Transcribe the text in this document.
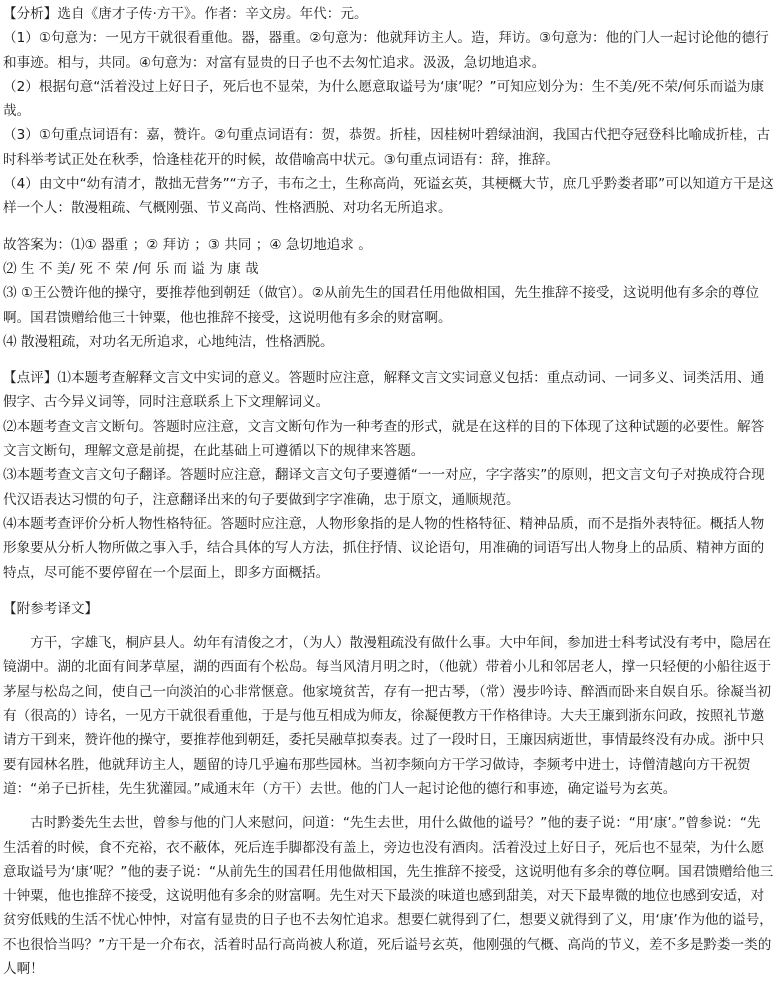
【分析】选自《唐才子传·方干》。作者：辛文房。年代：元。

（1）①句意为：一见方干就很看重他。器，器重。②句意为：他就拜访主人。造，拜访。③句意为：他的门人一起讨论他的德行和事迹。相与，共同。④句意为：对富有显贵的日子也不去匆忙追求。汲汲，急切地追求。

（2）根据句意“活着没过上好日子，死后也不显荣，为什么愿意取谥号为‘康’呢？”可知应划分为：生不美/死不荣/何乐而谥为康哉。

（3）①句重点词语有：嘉，赞许。②句重点词语有：贺，恭贺。折桂，因桂树叶碧绿油润，我国古代把夺冠登科比喻成折桂，古时科举考试正处在秋季，恰逢桂花开的时候，故借喻高中状元。③句重点词语有：辞，推辞。

（4）由文中“幼有清才，散拙无营务”“方子，韦布之士，生称高尚，死谥玄英，其梗概大节，庶几乎黔娄者耶”可以知道方干是这样一个人：散漫粗疏、气概刚强、节义高尚、性格洒脱、对功名无所追求。

故答案为：⑴① 器重 ；② 拜访 ；③ 共同 ；④ 急切地追求 。

⑵ 生 不 美/ 死 不 荣 /何 乐 而 谥 为 康 哉

⑶ ①王公赞许他的操守，要推荐他到朝廷（做官）。②从前先生的国君任用他做相国，先生推辞不接受，这说明他有多余的尊位啊。国君馈赠给他三十钟粟，他也推辞不接受，这说明他有多余的财富啊。

⑷ 散漫粗疏，对功名无所追求，心地纯洁，性格洒脱。

【点评】⑴本题考查解释文言文中实词的意义。答题时应注意，解释文言文实词意义包括：重点动词、一词多义、词类活用、通假字、古今异义词等，同时注意联系上下文理解词义。

⑵本题考查文言文断句。答题时应注意，文言文断句作为一种考查的形式，就是在这样的目的下体现了这种试题的必要性。解答文言文断句，理解文意是前提，在此基础上可遵循以下的规律来答题。

⑶本题考查文言文句子翻译。答题时应注意，翻译文言文句子要遵循“一一对应，字字落实”的原则，把文言文句子对换成符合现代汉语表达习惯的句子，注意翻译出来的句子要做到字字准确，忠于原文，通顺规范。

⑷本题考查评价分析人物性格特征。答题时应注意，人物形象指的是人物的性格特征、精神品质，而不是指外表特征。概括人物形象要从分析人物所做之事入手，结合具体的写人方法，抓住抒情、议论语句，用准确的词语写出人物身上的品质、精神方面的特点，尽可能不要停留在一个层面上，即多方面概括。

【附参考译文】

方干，字雄飞，桐庐县人。幼年有清俊之才，（为人）散漫粗疏没有做什么事。大中年间，参加进士科考试没有考中，隐居在镜湖中。湖的北面有间茅草屋，湖的西面有个松岛。每当风清月明之时，（他就）带着小儿和邻居老人，撑一只轻便的小船往返于茅屋与松岛之间，使自己一向淡泊的心非常惬意。他家境贫苦，存有一把古琴，（常）漫步吟诗、醉酒而卧来自娱自乐。徐凝当初有（很高的）诗名，一见方干就很看重他，于是与他互相成为师友，徐凝便教方干作格律诗。大夫王廉到浙东问政，按照礼节邀请方干到来，赞许他的操守，要推荐他到朝廷，委托吴融草拟奏表。过了一段时日，王廉因病逝世，事情最终没有办成。浙中只要有园林名胜，他就拜访主人，题留的诗几乎遍布那些园林。当初李频向方干学习做诗，李频考中进士，诗僧清越向方干祝贺道：“弟子已折桂，先生犹灌园。”咸通末年（方干）去世。他的门人一起讨论他的德行和事迹，确定谥号为玄英。

古时黔娄先生去世，曾参与他的门人来慰问，问道：“先生去世，用什么做他的谥号？”他的妻子说：“用‘康’。”曾参说：“先生活着的时候，食不充裕，衣不蔽体，死后连手脚都没有盖上，旁边也没有酒肉。活着没过上好日子，死后也不显荣，为什么愿意取谥号为‘康’呢？”他的妻子说：“从前先生的国君任用他做相国，先生推辞不接受，这说明他有多余的尊位啊。国君馈赠给他三十钟粟，他也推辞不接受，这说明他有多余的财富啊。先生对天下最淡的味道也感到甜美，对天下最卑微的地位也感到安适，对贫穷低贱的生活不忧心忡忡，对富有显贵的日子也不去匆忙追求。想要仁就得到了仁，想要义就得到了义，用‘康’作为他的谥号，不也很恰当吗？”方干是一介布衣，活着时品行高尚被人称道，死后谥号玄英，他刚强的气概、高尚的节义，差不多是黔娄一类的人啊！
